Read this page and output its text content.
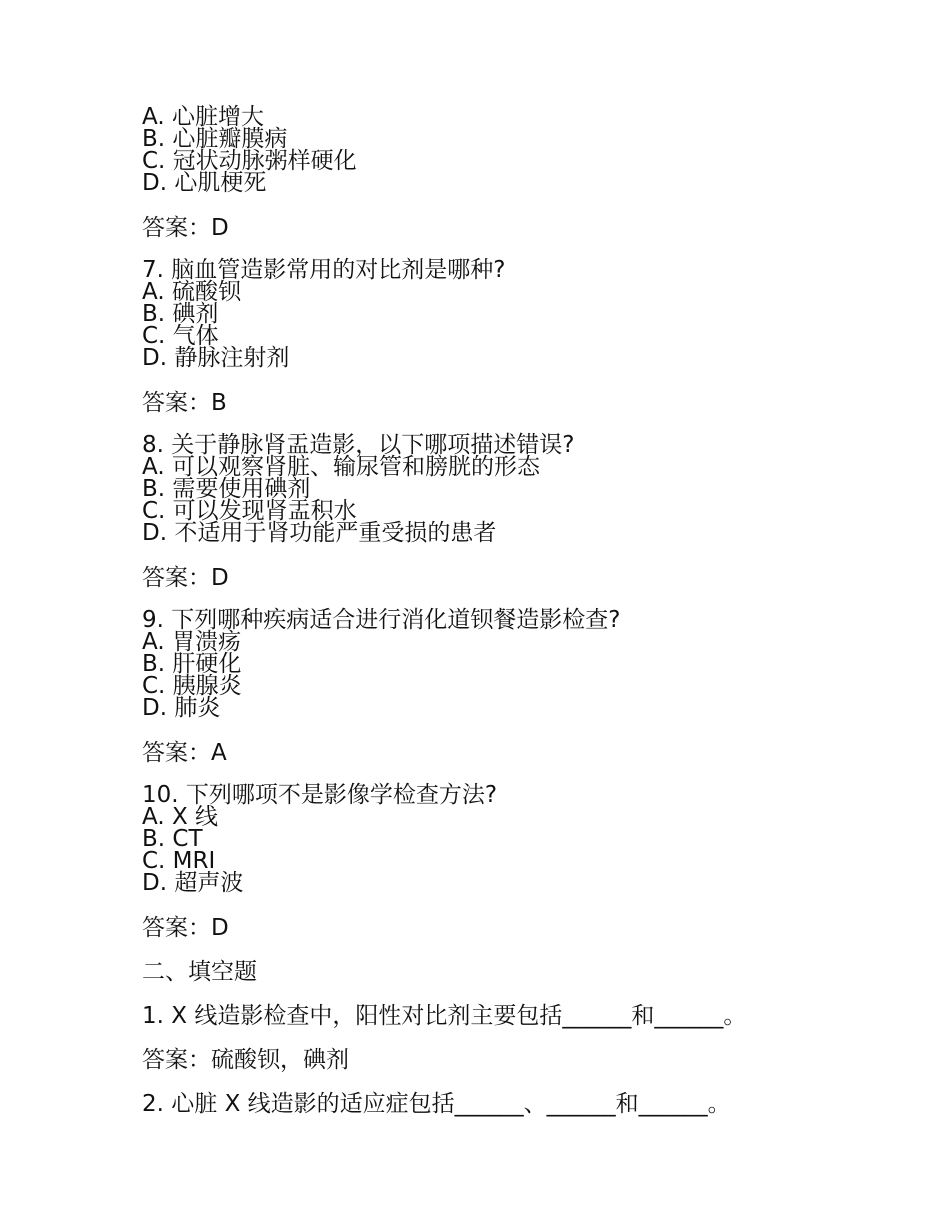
A. 心脏增大
B. 心脏瓣膜病
C. 冠状动脉粥样硬化
D. 心肌梗死
答案：D
7. 脑血管造影常用的对比剂是哪种?
A. 硫酸钡
B. 碘剂
C. 气体
D. 静脉注射剂
答案：B
8. 关于静脉肾盂造影，以下哪项描述错误?
A. 可以观察肾脏、输尿管和膀胱的形态
B. 需要使用碘剂
C. 可以发现肾盂积水
D. 不适用于肾功能严重受损的患者
答案：D
9. 下列哪种疾病适合进行消化道钡餐造影检查?
A. 胃溃疡
B. 肝硬化
C. 胰腺炎
D. 肺炎
答案：A
10. 下列哪项不是影像学检查方法?
A. X 线
B. CT
C. MRI
D. 超声波
答案：D
二、填空题
1. X 线造影检查中，阳性对比剂主要包括______和______。
答案：硫酸钡，碘剂
2. 心脏 X 线造影的适应症包括______、______和______。
